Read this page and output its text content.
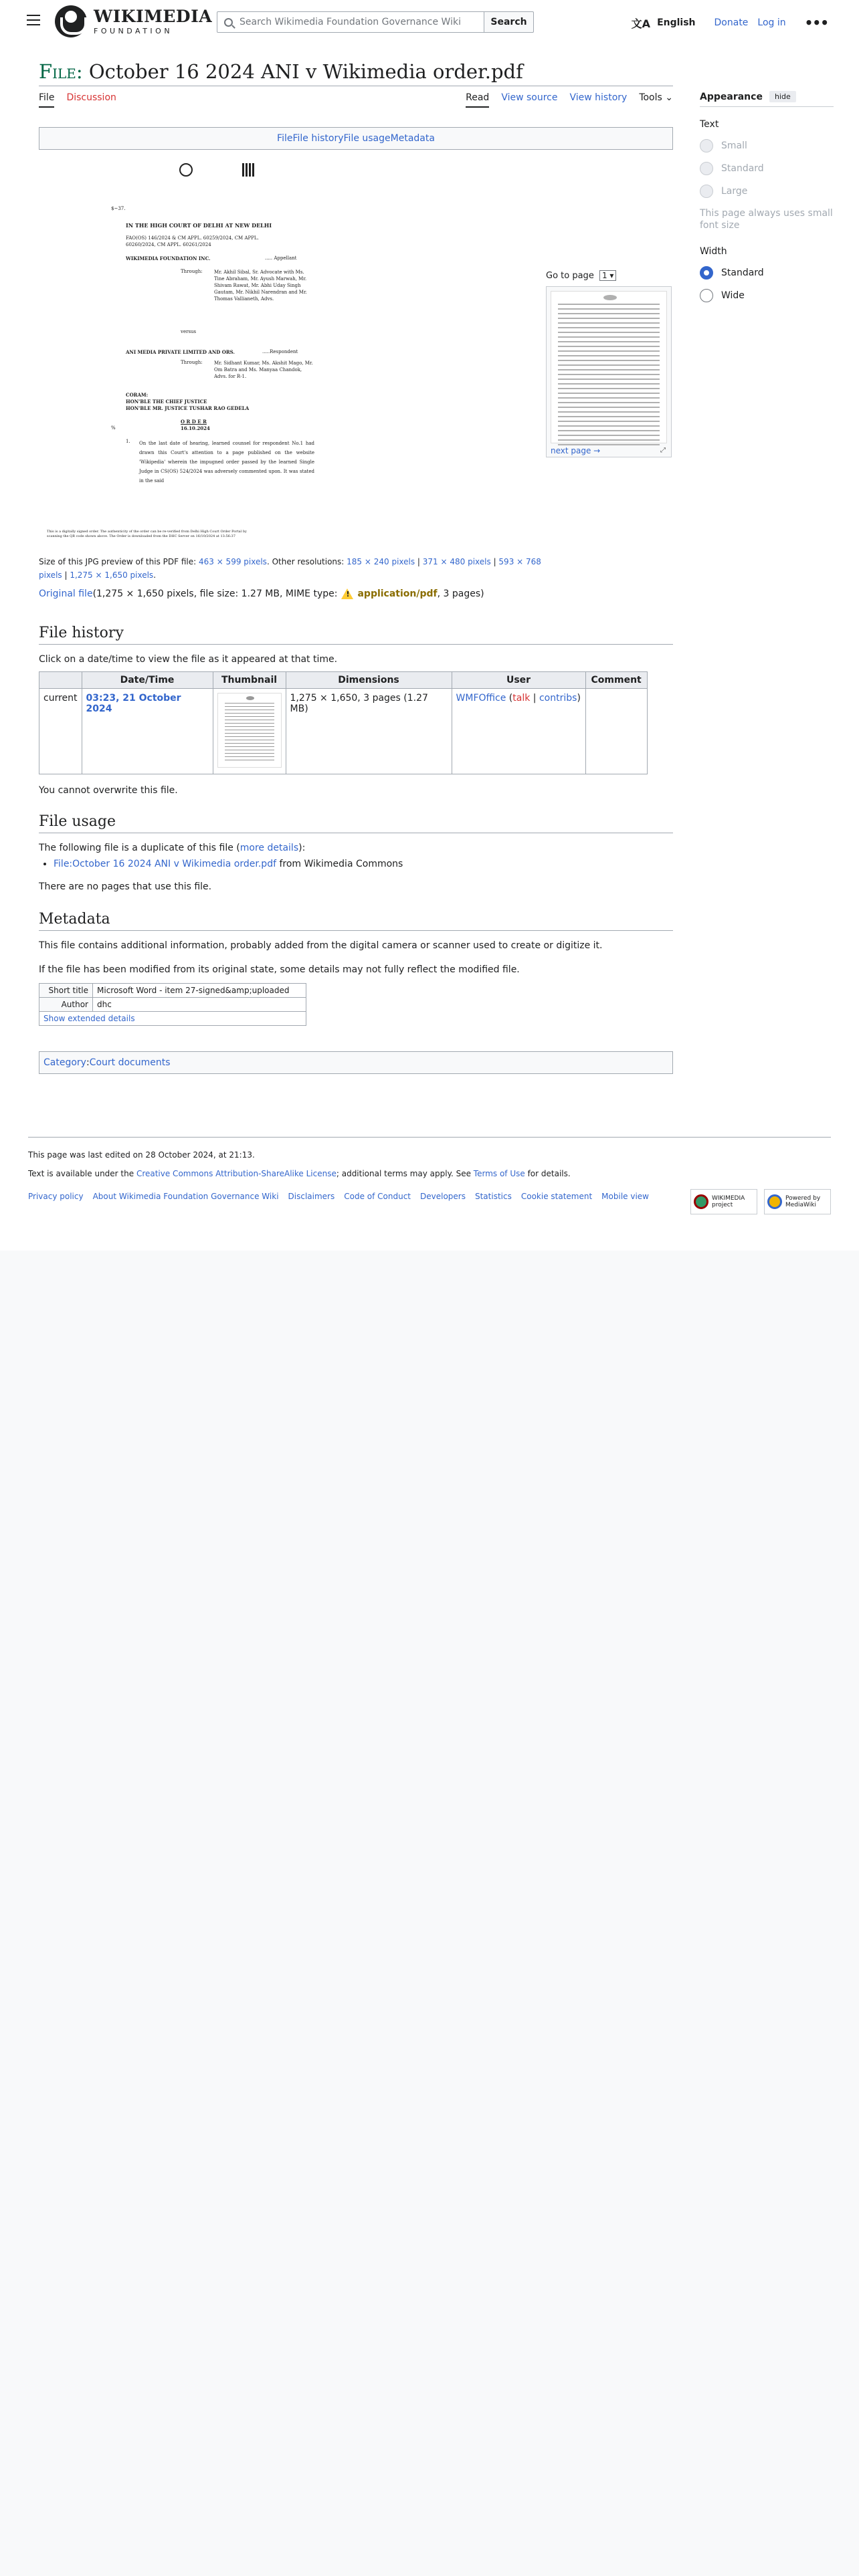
WIKIMEDIA
FOUNDATION
Search Wikimedia Foundation Governance Wiki	Search	文A English Donate Log in •••
File: October 16 2024 ANI v Wikimedia order.pdf
File Discussion	Read View source View history Tools ⌄
File File history File usage Metadata
$~37.
IN THE HIGH COURT OF DELHI AT NEW DELHI
FAO(OS) 146/2024 & CM APPL. 60259/2024, CM APPL.
60260/2024, CM APPL. 60261/2024
WIKIMEDIA FOUNDATION INC.	..... Appellant
Through: Mr. Akhil Sibal, Sr. Advocate with Ms. Tine Abraham, Mr. Ayush Marwah, Mr. Shivam Rawat, Mr. Abhi Uday Singh Gautam, Mr. Nikhil Narendran and Mr. Thomas Vallianeth, Advs.
versus
ANI MEDIA PRIVATE LIMITED AND ORS.	.....Respondent
Through: Mr. Sidhant Kumar, Ms. Akshit Mago, Mr. Om Batra and Ms. Manyaa Chandok, Advs. for R-1.
CORAM:
HON'BLE THE CHIEF JUSTICE
HON'BLE MR. JUSTICE TUSHAR RAO GEDELA
O R D E R
%	16.10.2024
1. On the last date of hearing, learned counsel for respondent No.1 had drawn this Court's attention to a page published on the website 'Wikipedia' wherein the impugned order passed by the learned Single Judge in CS(OS) 524/2024 was adversely commented upon. It was stated in the said
This is a digitally signed order. The authenticity of the order can be re-verified from Delhi High Court Order Portal by scanning the QR code shown above. The Order is downloaded from the DHC Server on 16/10/2024 at 13:56:37
Go to page 1 ▾
next page →	⤢
Size of this JPG preview of this PDF file: 463 × 599 pixels. Other resolutions: 185 × 240 pixels | 371 × 480 pixels | 593 × 768 pixels | 1,275 × 1,650 pixels.
Original file (1,275 × 1,650 pixels, file size: 1.27 MB, MIME type: ! application/pdf , 3 pages)
File history
Click on a date/time to view the file as it appeared at that time.
	Date/Time	Thumbnail	Dimensions	User	Comment
current	03:23, 21 October 2024		1,275 × 1,650, 3 pages (1.27 MB)	WMFOffice (talk | contribs)	
You cannot overwrite this file.
File usage
The following file is a duplicate of this file (more details):
• File:October 16 2024 ANI v Wikimedia order.pdf from Wikimedia Commons
There are no pages that use this file.
Metadata
This file contains additional information, probably added from the digital camera or scanner used to create or digitize it.
If the file has been modified from its original state, some details may not fully reflect the modified file.
Short title	Microsoft Word - item 27-signed&amp;uploaded
Author	dhc
Show extended details	
Category : Court documents
Appearance	hide
Text
Small
Standard
Large
This page always uses small font size
Width
Standard
Wide
This page was last edited on 28 October 2024, at 21:13.
Text is available under the Creative Commons Attribution-ShareAlike License; additional terms may apply. See Terms of Use for details.
Privacy policy About Wikimedia Foundation Governance Wiki Disclaimers Code of Conduct Developers Statistics Cookie statement Mobile view	WIKIMEDIA
project
Powered by
MediaWiki
